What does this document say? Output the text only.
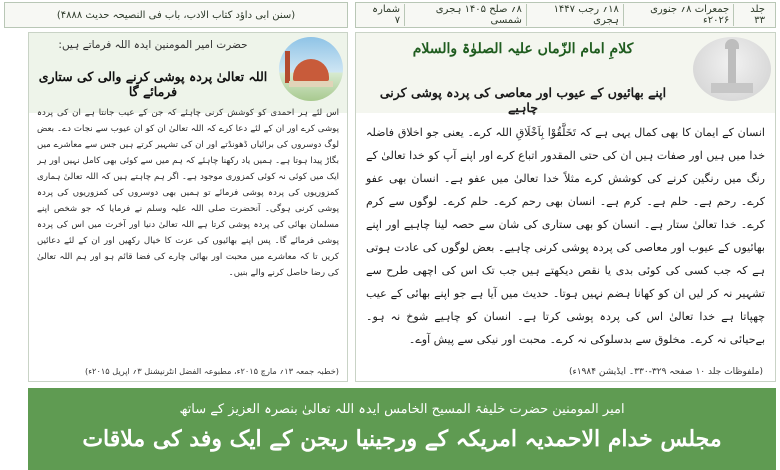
جلد ۳۳
جمعرات ۸؍ جنوری ۲۰۲۶ء
۱۸؍ رجب ۱۴۴۷ ہجری
۸؍ صلح ۱۴۰۵ ہجری شمسی
شمارہ ۷
(سنن ابی داؤد کتاب الادب، باب فی النصیحہ حدیث ۴۸۸۸)
کلامِ امام الزّماں علیہ الصلوٰۃ والسلام
اپنے بھائیوں کے عیوب اور معاصی کی پردہ پوشی کرنی چاہیے
انسان کے ایمان کا بھی کمال یہی ہے کہ تَخَلَّقُوْا بِاَخْلَاقِ اللہ کرے۔ یعنی جو اخلاق فاضلہ خدا میں ہیں اور صفات ہیں ان کی حتی المقدور اتباع کرے اور اپنے آپ کو خدا تعالیٰ کے رنگ میں رنگین کرنے کی کوشش کرے مثلاً خدا تعالیٰ میں عفو ہے۔ انسان بھی عفو کرے۔ رحم ہے۔ حلم ہے۔ کرم ہے۔ انسان بھی رحم کرے۔ حلم کرے۔ لوگوں سے کرم کرے۔ خدا تعالیٰ ستار ہے۔ انسان کو بھی ستاری کی شان سے حصہ لینا چاہیے اور اپنے بھائیوں کے عیوب اور معاصی کی پردہ پوشی کرنی چاہیے۔ بعض لوگوں کی عادت ہوتی ہے کہ جب کسی کی کوئی بدی یا نقص دیکھتے ہیں جب تک اس کی اچھی طرح سے تشہیر نہ کر لیں ان کو کھانا ہضم نہیں ہوتا۔ حدیث میں آیا ہے جو اپنے بھائی کے عیب چھپاتا ہے خدا تعالیٰ اس کی پردہ پوشی کرتا ہے۔ انسان کو چاہیے شوخ نہ ہو۔ بےحیائی نہ کرے۔ مخلوق سے بدسلوکی نہ کرے۔ محبت اور نیکی سے پیش آوے۔
(ملفوظات جلد ۱۰ صفحہ ۳۲۹-۳۳۰۔ ایڈیشن ۱۹۸۴ء)
حضرت امیر المومنین ایدہ اللہ فرماتے ہیں:
اللہ تعالیٰ پردہ پوشی کرنے والی کی ستاری فرمائے گا
اس لئے ہر احمدی کو کوشش کرنی چاہئے کہ جن کے عیب جانتا ہے ان کی پردہ پوشی کرے اور ان کے لئے دعا کرے کہ اللہ تعالیٰ ان کو ان عیوب سے نجات دے۔ بعض لوگ دوسروں کی برائیاں ڈھونڈتے اور ان کی تشہیر کرتے ہیں جس سے معاشرے میں بگاڑ پیدا ہوتا ہے۔ ہمیں یاد رکھنا چاہئے کہ ہم میں سے کوئی بھی کامل نہیں اور ہر ایک میں کوئی نہ کوئی کمزوری موجود ہے۔ اگر ہم چاہتے ہیں کہ اللہ تعالیٰ ہماری کمزوریوں کی پردہ پوشی فرمائے تو ہمیں بھی دوسروں کی کمزوریوں کی پردہ پوشی کرنی ہوگی۔ آنحضرت صلی اللہ علیہ وسلم نے فرمایا کہ جو شخص اپنے مسلمان بھائی کی پردہ پوشی کرتا ہے اللہ تعالیٰ دنیا اور آخرت میں اس کی پردہ پوشی فرمائے گا۔ پس اپنے بھائیوں کی عزت کا خیال رکھیں اور ان کے لئے دعائیں کریں تا کہ معاشرے میں محبت اور بھائی چارے کی فضا قائم ہو اور ہم اللہ تعالیٰ کی رضا حاصل کرنے والے بنیں۔
(خطبہ جمعہ ۱۳؍ مارچ ۲۰۱۵ء، مطبوعہ الفضل انٹرنیشنل ۳؍ اپریل ۲۰۱۵ء)
امیر المومنین حضرت خلیفۃ المسیح الخامس ایدہ اللہ تعالیٰ بنصرہ العزیز کے ساتھ
مجلس خدام الاحمدیہ امریکہ کے ورجینیا ریجن کے ایک وفد کی ملاقات
